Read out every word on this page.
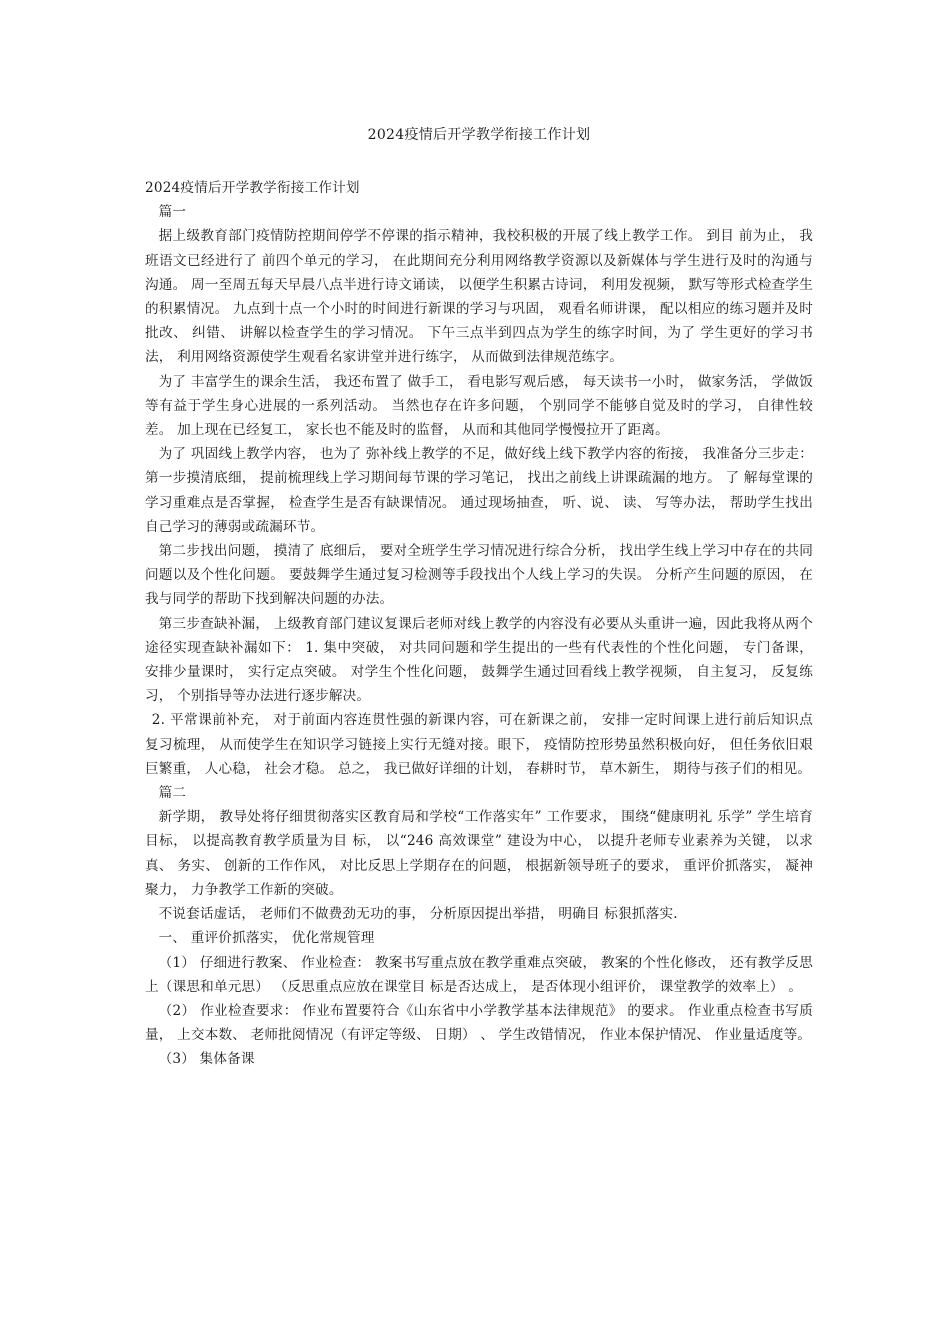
2024疫情后开学教学衔接工作计划

2024疫情后开学教学衔接工作计划

篇一

据上级教育部门疫情防控期间停学不停课的指示精神，我校积极的开展了线上教学工作。 到目 前为止， 我班语文已经进行了 前四个单元的学习， 在此期间充分利用网络教学资源以及新媒体与学生进行及时的沟通与沟通。 周一至周五每天早晨八点半进行诗文诵读， 以便学生积累古诗词， 利用发视频， 默写等形式检查学生的积累情况。 九点到十点一个小时的时间进行新课的学习与巩固， 观看名师讲课， 配以相应的练习题并及时批改、 纠错、 讲解以检查学生的学习情况。 下午三点半到四点为学生的练字时间，为了 学生更好的学习书法， 利用网络资源使学生观看名家讲堂并进行练字， 从而做到法律规范练字。

为了 丰富学生的课余生活， 我还布置了 做手工， 看电影写观后感， 每天读书一小时， 做家务活， 学做饭等有益于学生身心进展的一系列活动。 当然也存在许多问题， 个别同学不能够自觉及时的学习， 自律性较差。 加上现在已经复工， 家长也不能及时的监督， 从而和其他同学慢慢拉开了距离。

为了 巩固线上教学内容， 也为了 弥补线上教学的不足，做好线上线下教学内容的衔接， 我准备分三步走： 第一步摸清底细， 提前梳理线上学习期间每节课的学习笔记， 找出之前线上讲课疏漏的地方。 了 解每堂课的学习重难点是否掌握， 检查学生是否有缺课情况。 通过现场抽查， 听、说、 读、 写等办法， 帮助学生找出自己学习的薄弱或疏漏环节。

第二步找出问题， 摸清了 底细后， 要对全班学生学习情况进行综合分析， 找出学生线上学习中存在的共同问题以及个性化问题。 要鼓舞学生通过复习检测等手段找出个人线上学习的失误。 分析产生问题的原因， 在我与同学的帮助下找到解决问题的办法。

第三步查缺补漏， 上级教育部门建议复课后老师对线上教学的内容没有必要从头重讲一遍，因此我将从两个途径实现查缺补漏如下： 1. 集中突破， 对共同问题和学生提出的一些有代表性的个性化问题， 专门备课， 安排少量课时， 实行定点突破。 对学生个性化问题， 鼓舞学生通过回看线上教学视频， 自主复习， 反复练习， 个别指导等办法进行逐步解决。

2. 平常课前补充， 对于前面内容连贯性强的新课内容，可在新课之前， 安排一定时间课上进行前后知识点复习梳理， 从而使学生在知识学习链接上实行无缝对接。眼下， 疫情防控形势虽然积极向好， 但任务依旧艰巨繁重， 人心稳， 社会才稳。 总之， 我已做好详细的计划， 春耕时节， 草木新生， 期待与孩子们的相见。

篇二

新学期， 教导处将仔细贯彻落实区教育局和学校“工作落实年” 工作要求， 围绕“健康明礼 乐学” 学生培育目标， 以提高教育教学质量为目 标， 以“246 高效课堂” 建设为中心， 以提升老师专业素养为关键， 以求真、 务实、 创新的工作作风， 对比反思上学期存在的问题， 根据新领导班子的要求， 重评价抓落实， 凝神聚力， 力争教学工作新的突破。

不说套话虚话， 老师们不做费劲无功的事， 分析原因提出举措， 明确目 标狠抓落实.

一、 重评价抓落实， 优化常规管理

（1） 仔细进行教案、 作业检查： 教案书写重点放在教学重难点突破， 教案的个性化修改， 还有教学反思上（课思和单元思） （反思重点应放在课堂目 标是否达成上， 是否体现小组评价， 课堂教学的效率上） 。

（2） 作业检查要求： 作业布置要符合《山东省中小学教学基本法律规范》 的要求。 作业重点检查书写质量， 上交本数、 老师批阅情况（有评定等级、 日期） 、 学生改错情况， 作业本保护情况、 作业量适度等。

（3） 集体备课
